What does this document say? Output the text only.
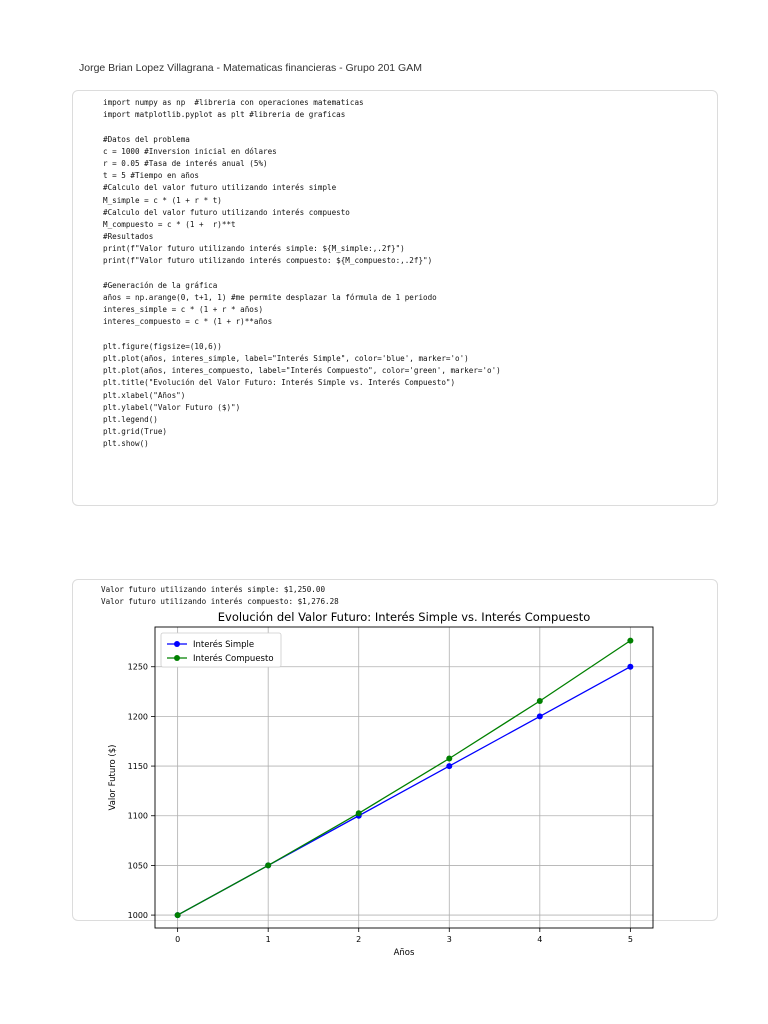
Jorge Brian Lopez Villagrana - Matematicas financieras - Grupo 201 GAM
import numpy as np  #libreria con operaciones matematicas
import matplotlib.pyplot as plt #libreria de graficas
#Datos del problema
c = 1000 #Inversion inicial en dólares
r = 0.05 #Tasa de interés anual (5%)
t = 5 #Tiempo en años
#Calculo del valor futuro utilizando interés simple
M_simple = c * (1 + r * t)
#Calculo del valor futuro utilizando interés compuesto
M_compuesto = c * (1 +  r)**t
#Resultados
print(f"Valor futuro utilizando interés simple: ${M_simple:,.2f}")
print(f"Valor futuro utilizando interés compuesto: ${M_compuesto:,.2f}")
#Generación de la gráfica
años = np.arange(0, t+1, 1) #me permite desplazar la fórmula de 1 periodo
interes_simple = c * (1 + r * años)
interes_compuesto = c * (1 + r)**años
plt.figure(figsize=(10,6))
plt.plot(años, interes_simple, label="Interés Simple", color='blue', marker='o')
plt.plot(años, interes_compuesto, label="Interés Compuesto", color='green', marker='o')
plt.title("Evolución del Valor Futuro: Interés Simple vs. Interés Compuesto")
plt.xlabel("Años")
plt.ylabel("Valor Futuro ($)")
plt.legend()
plt.grid(True)
plt.show()
Valor futuro utilizando interés simple: $1,250.00
Valor futuro utilizando interés compuesto: $1,276.28
Evolución del Valor Futuro: Interés Simple vs. Interés Compuesto
0	1	2	3	4	5
1000
1050
1100
1150
1200
1250
Años
Valor Futuro ($)
Interés Simple
Interés Compuesto
